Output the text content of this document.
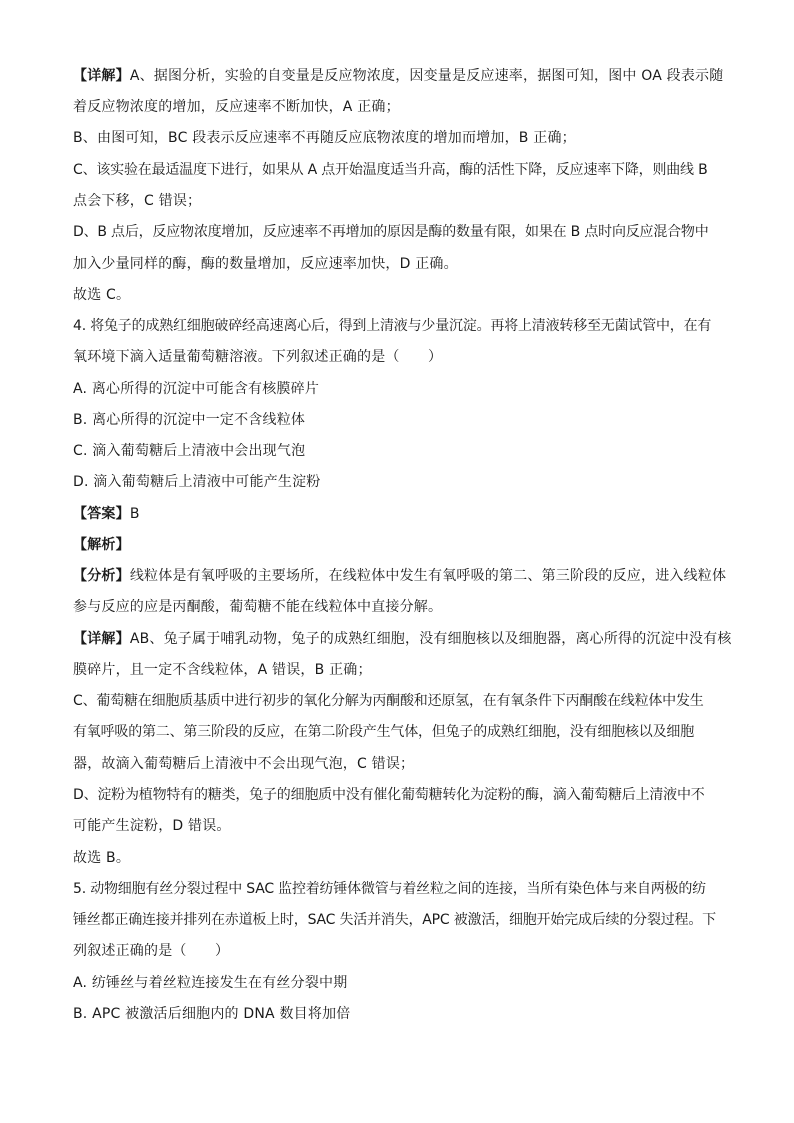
【详解】A、据图分析，实验的自变量是反应物浓度，因变量是反应速率，据图可知，图中 OA 段表示随
着反应物浓度的增加，反应速率不断加快，A 正确；
B、由图可知，BC 段表示反应速率不再随反应底物浓度的增加而增加，B 正确；
C、该实验在最适温度下进行，如果从 A 点开始温度适当升高，酶的活性下降，反应速率下降，则曲线 B
点会下移，C 错误；
D、B 点后，反应物浓度增加，反应速率不再增加的原因是酶的数量有限，如果在 B 点时向反应混合物中
加入少量同样的酶，酶的数量增加，反应速率加快，D 正确。
故选 C。
4. 将兔子的成熟红细胞破碎经高速离心后，得到上清液与少量沉淀。再将上清液转移至无菌试管中，在有
氧环境下滴入适量葡萄糖溶液。下列叙述正确的是（　　）
A. 离心所得的沉淀中可能含有核膜碎片
B. 离心所得的沉淀中一定不含线粒体
C. 滴入葡萄糖后上清液中会出现气泡
D. 滴入葡萄糖后上清液中可能产生淀粉
【答案】B
【解析】
【分析】线粒体是有氧呼吸的主要场所，在线粒体中发生有氧呼吸的第二、第三阶段的反应，进入线粒体
参与反应的应是丙酮酸，葡萄糖不能在线粒体中直接分解。
【详解】AB、兔子属于哺乳动物，兔子的成熟红细胞，没有细胞核以及细胞器，离心所得的沉淀中没有核
膜碎片，且一定不含线粒体，A 错误，B 正确；
C、葡萄糖在细胞质基质中进行初步的氧化分解为丙酮酸和还原氢，在有氧条件下丙酮酸在线粒体中发生
有氧呼吸的第二、第三阶段的反应，在第二阶段产生气体，但兔子的成熟红细胞，没有细胞核以及细胞
器，故滴入葡萄糖后上清液中不会出现气泡，C 错误；
D、淀粉为植物特有的糖类，兔子的细胞质中没有催化葡萄糖转化为淀粉的酶，滴入葡萄糖后上清液中不
可能产生淀粉，D 错误。
故选 B。
5. 动物细胞有丝分裂过程中 SAC 监控着纺锤体微管与着丝粒之间的连接，当所有染色体与来自两极的纺
锤丝都正确连接并排列在赤道板上时，SAC 失活并消失，APC 被激活，细胞开始完成后续的分裂过程。下
列叙述正确的是（　　）
A. 纺锤丝与着丝粒连接发生在有丝分裂中期
B. APC 被激活后细胞内的 DNA 数目将加倍
